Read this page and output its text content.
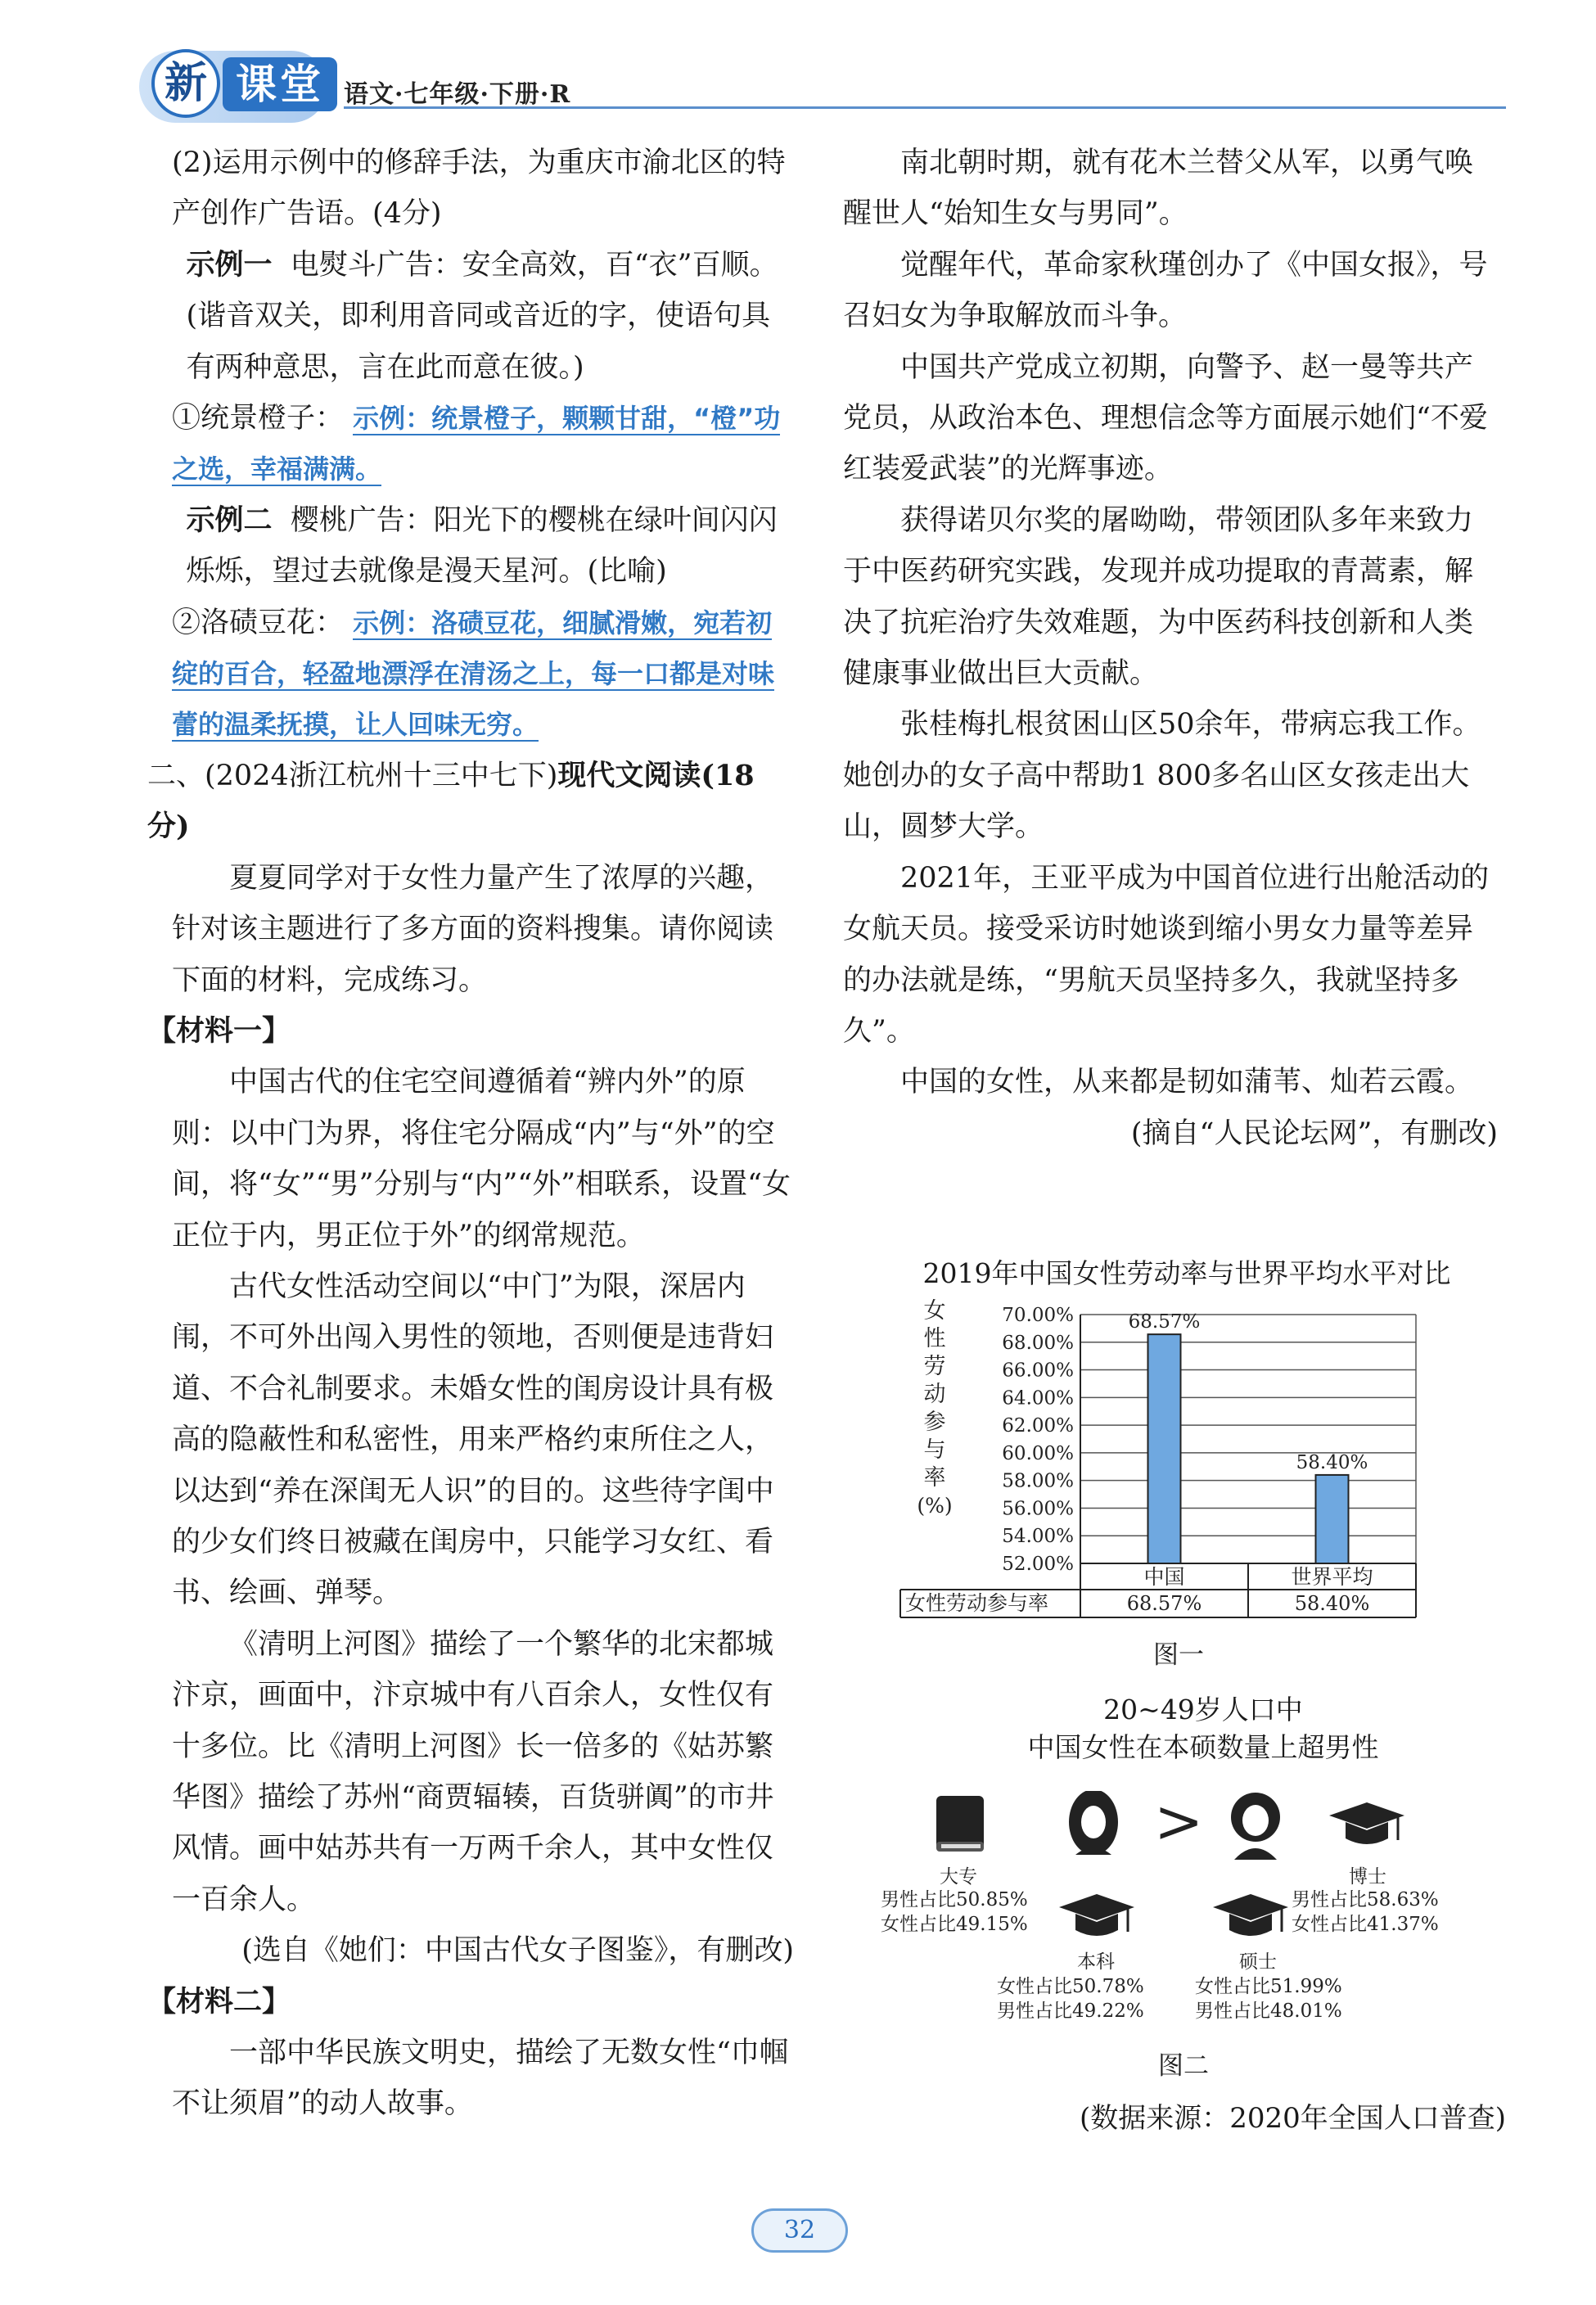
新 课堂 语文·七年级·下册·R

(2)运用示例中的修辞手法，为重庆市渝北区的特产创作广告语。(4分)

示例一 电熨斗广告：安全高效，百“衣”百顺。(谐音双关，即利用音同或音近的字，使语句具有两种意思，言在此而意在彼。)

①统景橙子： 示例：统景橙子，颗颗甘甜，“橙”功之选，幸福满满。

示例二 樱桃广告：阳光下的樱桃在绿叶间闪闪烁烁，望过去就像是漫天星河。(比喻)

②洛碛豆花： 示例：洛碛豆花，细腻滑嫩，宛若初绽的百合，轻盈地漂浮在清汤之上，每一口都是对味蕾的温柔抚摸，让人回味无穷。

二、(2024浙江杭州十三中七下)现代文阅读(18分)

夏夏同学对于女性力量产生了浓厚的兴趣，针对该主题进行了多方面的资料搜集。请你阅读下面的材料，完成练习。

【材料一】

中国古代的住宅空间遵循着“辨内外”的原则：以中门为界，将住宅分隔成“内”与“外”的空间，将“女”“男”分别与“内”“外”相联系，设置“女正位于内，男正位于外”的纲常规范。

古代女性活动空间以“中门”为限，深居内闱，不可外出闯入男性的领地，否则便是违背妇道、不合礼制要求。未婚女性的闺房设计具有极高的隐蔽性和私密性，用来严格约束所住之人，以达到“养在深闺无人识”的目的。这些待字闺中的少女们终日被藏在闺房中，只能学习女红、看书、绘画、弹琴。

《清明上河图》描绘了一个繁华的北宋都城汴京，画面中，汴京城中有八百余人，女性仅有十多位。比《清明上河图》长一倍多的《姑苏繁华图》描绘了苏州“商贾辐辏，百货骈阗”的市井风情。画中姑苏共有一万两千余人，其中女性仅一百余人。

(选自《她们：中国古代女子图鉴》，有删改)

【材料二】

一部中华民族文明史，描绘了无数女性“巾帼不让须眉”的动人故事。

南北朝时期，就有花木兰替父从军，以勇气唤醒世人“始知生女与男同”。

觉醒年代，革命家秋瑾创办了《中国女报》，号召妇女为争取解放而斗争。

中国共产党成立初期，向警予、赵一曼等共产党员，从政治本色、理想信念等方面展示她们“不爱红装爱武装”的光辉事迹。

获得诺贝尔奖的屠呦呦，带领团队多年来致力于中医药研究实践，发现并成功提取的青蒿素，解决了抗疟治疗失效难题，为中医药科技创新和人类健康事业做出巨大贡献。

张桂梅扎根贫困山区50余年，带病忘我工作。她创办的女子高中帮助1 800多名山区女孩走出大山，圆梦大学。

2021年，王亚平成为中国首位进行出舱活动的女航天员。接受采访时她谈到缩小男女力量等差异的办法就是练，“男航天员坚持多久，我就坚持多久”。

中国的女性，从来都是韧如蒲苇、灿若云霞。

(摘自“人民论坛网”，有删改)

2019年中国女性劳动率与世界平均水平对比
70.00%
68.00%
66.00%
64.00%
62.00%
60.00%
58.00%
56.00%
54.00%
52.00%
女
性
劳
动
参
与
率
(%)
68.57%
58.40%
女性劳动参与率
中国
68.57%
世界平均
58.40%
图一
20~49岁人口中
中国女性在本硕数量上超男性
>
大专
男性占比50.85%
女性占比49.15%
博士
男性占比58.63%
女性占比41.37%
本科
女性占比50.78%
男性占比49.22%
硕士
女性占比51.99%
男性占比48.01%
图二
(数据来源：2020年全国人口普查)
32
